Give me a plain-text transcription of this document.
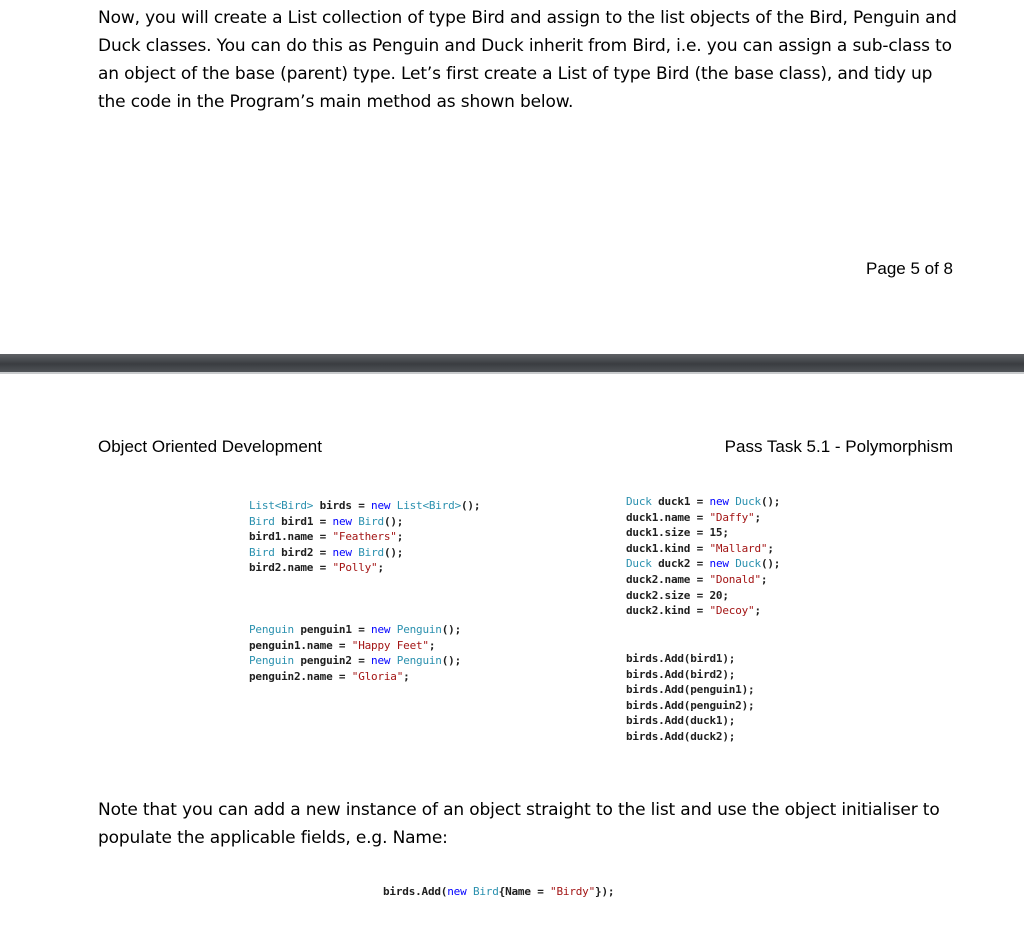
Now, you will create a List collection of type Bird and assign to the list objects of the Bird, Penguin and Duck classes. You can do this as Penguin and Duck inherit from Bird, i.e. you can assign a sub-class to an object of the base (parent) type. Let’s first create a List of type Bird (the base class), and tidy up the code in the Program’s main method as shown below.

Page 5 of 8
Object Oriented Development	Pass Task 5.1 - Polymorphism
List<Bird> birds = new List<Bird>();
Bird bird1 = new Bird();
bird1.name = "Feathers";
Bird bird2 = new Bird();
bird2.name = "Polly";
Penguin penguin1 = new Penguin();
penguin1.name = "Happy Feet";
Penguin penguin2 = new Penguin();
penguin2.name = "Gloria";
Duck duck1 = new Duck();
duck1.name = "Daffy";
duck1.size = 15;
duck1.kind = "Mallard";
Duck duck2 = new Duck();
duck2.name = "Donald";
duck2.size = 20;
duck2.kind = "Decoy";
birds.Add(bird1);
birds.Add(bird2);
birds.Add(penguin1);
birds.Add(penguin2);
birds.Add(duck1);
birds.Add(duck2);

Note that you can add a new instance of an object straight to the list and use the object initialiser to populate the applicable fields, e.g. Name:

birds.Add(new Bird{Name = "Birdy"});
